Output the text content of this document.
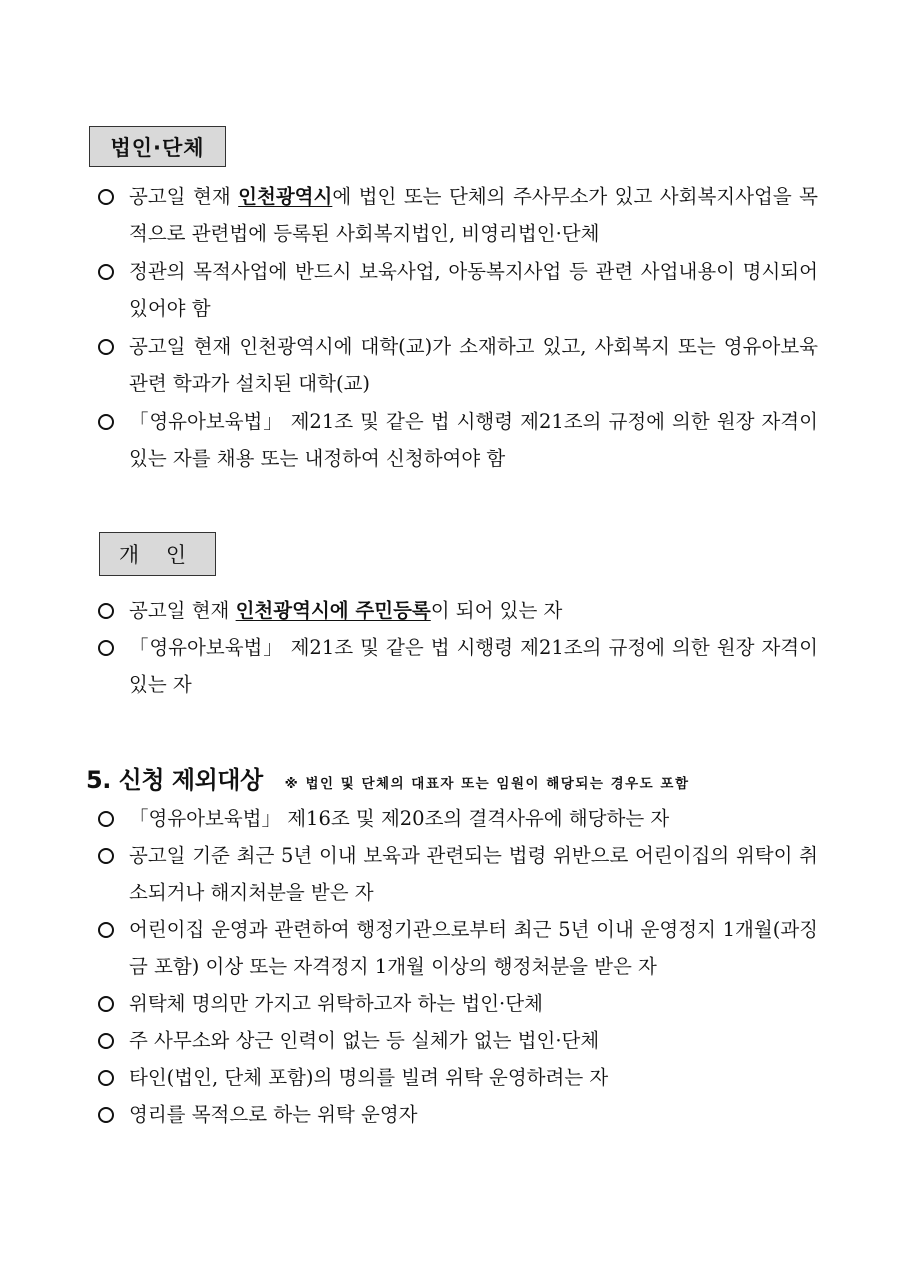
법인·단체
공고일 현재 인천광역시에 법인 또는 단체의 주사무소가 있고 사회복지사업을 목적으로 관련법에 등록된 사회복지법인, 비영리법인·단체
정관의 목적사업에 반드시 보육사업, 아동복지사업 등 관련 사업내용이 명시되어 있어야 함
공고일 현재 인천광역시에 대학(교)가 소재하고 있고, 사회복지 또는 영유아보육 관련 학과가 설치된 대학(교)
「영유아보육법」 제21조 및 같은 법 시행령 제21조의 규정에 의한 원장 자격이 있는 자를 채용 또는 내정하여 신청하여야 함
개 인
공고일 현재 인천광역시에 주민등록이 되어 있는 자
「영유아보육법」 제21조 및 같은 법 시행령 제21조의 규정에 의한 원장 자격이 있는 자
5. 신청 제외대상 ※ 법인 및 단체의 대표자 또는 임원이 해당되는 경우도 포함
「영유아보육법」 제16조 및 제20조의 결격사유에 해당하는 자
공고일 기준 최근 5년 이내 보육과 관련되는 법령 위반으로 어린이집의 위탁이 취소되거나 해지처분을 받은 자
어린이집 운영과 관련하여 행정기관으로부터 최근 5년 이내 운영정지 1개월(과징금 포함) 이상 또는 자격정지 1개월 이상의 행정처분을 받은 자
위탁체 명의만 가지고 위탁하고자 하는 법인·단체
주 사무소와 상근 인력이 없는 등 실체가 없는 법인·단체
타인(법인, 단체 포함)의 명의를 빌려 위탁 운영하려는 자
영리를 목적으로 하는 위탁 운영자
